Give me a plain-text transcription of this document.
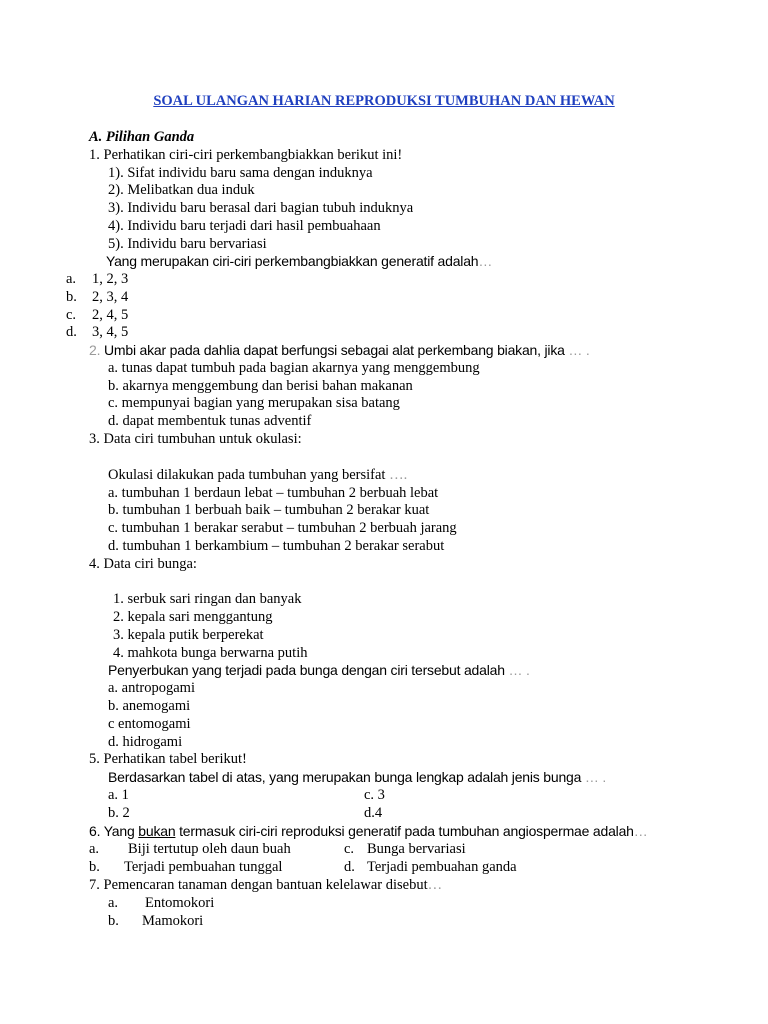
SOAL ULANGAN HARIAN REPRODUKSI TUMBUHAN DAN HEWAN
A. Pilihan Ganda
1. Perhatikan ciri-ciri perkembangbiakkan berikut ini!
1). Sifat individu baru sama dengan induknya
2). Melibatkan dua induk
3). Individu baru berasal dari bagian tubuh induknya
4). Individu baru terjadi dari hasil pembuahaan
5). Individu baru bervariasi
Yang merupakan ciri-ciri perkembangbiakkan generatif adalah…
a. 1, 2, 3
b. 2, 3, 4
c. 2, 4, 5
d. 3, 4, 5
2. Umbi akar pada dahlia dapat berfungsi sebagai alat perkembang biakan, jika … .
a. tunas dapat tumbuh pada bagian akarnya yang menggembung
b. akarnya menggembung dan berisi bahan makanan
c. mempunyai bagian yang merupakan sisa batang
d. dapat membentuk tunas adventif
3. Data ciri tumbuhan untuk okulasi:
Okulasi dilakukan pada tumbuhan yang bersifat ….
a. tumbuhan 1 berdaun lebat – tumbuhan 2 berbuah lebat
b. tumbuhan 1 berbuah baik – tumbuhan 2 berakar kuat
c. tumbuhan 1 berakar serabut – tumbuhan 2 berbuah jarang
d. tumbuhan 1 berkambium – tumbuhan 2 berakar serabut
4. Data ciri bunga:
1. serbuk sari ringan dan banyak
2. kepala sari menggantung
3. kepala putik berperekat
4. mahkota bunga berwarna putih
Penyerbukan yang terjadi pada bunga dengan ciri tersebut adalah … .
a. antropogami
b. anemogami
c entomogami
d. hidrogami
5. Perhatikan tabel berikut!
Berdasarkan tabel di atas, yang merupakan bunga lengkap adalah jenis bunga … .
a. 1	c. 3
b. 2	d.4
6. Yang bukan termasuk ciri-ciri reproduksi generatif pada tumbuhan angiospermae adalah…
a. Biji tertutup oleh daun buah	c. Bunga bervariasi
b. Terjadi pembuahan tunggal	d. Terjadi pembuahan ganda
7. Pemencaran tanaman dengan bantuan kelelawar disebut…
a. Entomokori
b. Mamokori
